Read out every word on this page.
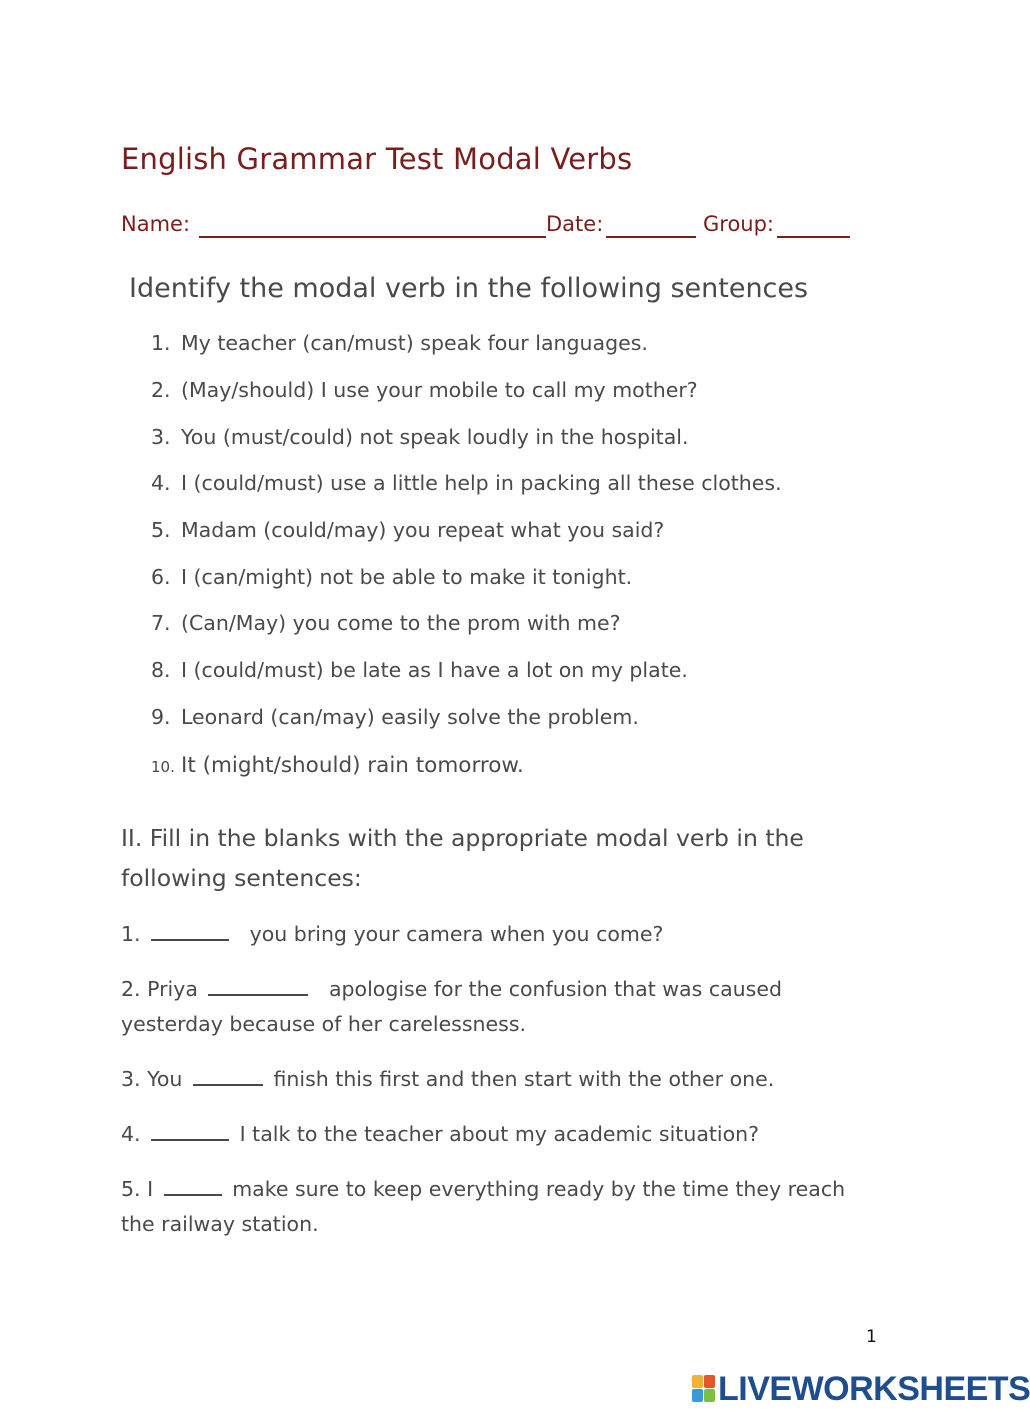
English Grammar Test Modal Verbs
Name:	Date:	Group:
Identify the modal verb in the following sentences
1. My teacher (can/must) speak four languages.
2. (May/should) I use your mobile to call my mother?
3. You (must/could) not speak loudly in the hospital.
4. I (could/must) use a little help in packing all these clothes.
5. Madam (could/may) you repeat what you said?
6. I (can/might) not be able to make it tonight.
7. (Can/May) you come to the prom with me?
8. I (could/must) be late as I have a lot on my plate.
9. Leonard (can/may) easily solve the problem.
10. It (might/should) rain tomorrow.
II. Fill in the blanks with the appropriate modal verb in the following sentences:
1.	you bring your camera when you come?
2. Priya	apologise for the confusion that was caused yesterday because of her carelessness.
3. You	finish this first and then start with the other one.
4.	I talk to the teacher about my academic situation?
5. I	make sure to keep everything ready by the time they reach the railway station.
1
LIVEWORKSHEETS
